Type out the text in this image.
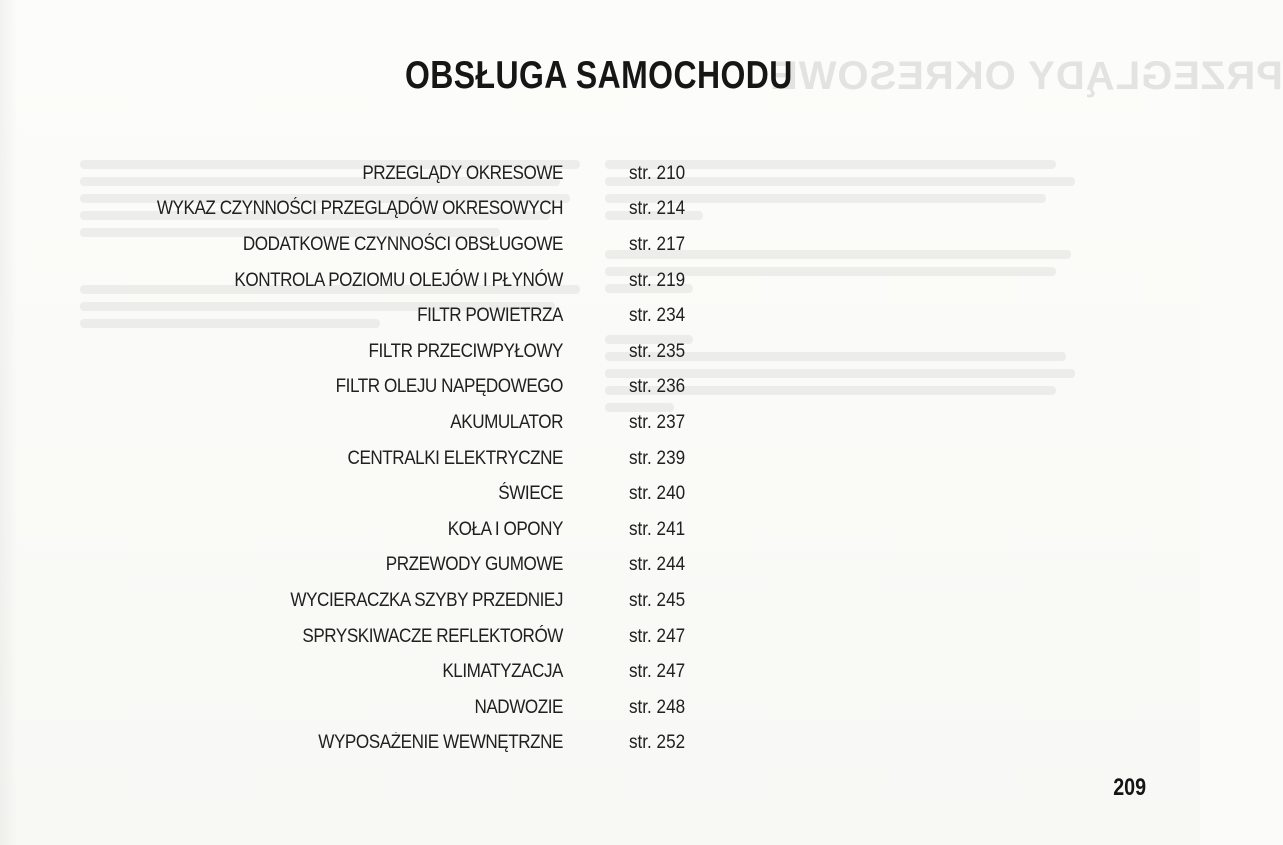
PRZEGLĄDY OKRESOWE
OBSŁUGA SAMOCHODU
PRZEGLĄDY OKRESOWE	str. 210
WYKAZ CZYNNOŚCI PRZEGLĄDÓW OKRESOWYCH	str. 214
DODATKOWE CZYNNOŚCI OBSŁUGOWE	str. 217
KONTROLA POZIOMU OLEJÓW I PŁYNÓW	str. 219
FILTR POWIETRZA	str. 234
FILTR PRZECIWPYŁOWY	str. 235
FILTR OLEJU NAPĘDOWEGO	str. 236
AKUMULATOR	str. 237
CENTRALKI ELEKTRYCZNE	str. 239
ŚWIECE	str. 240
KOŁA I OPONY	str. 241
PRZEWODY GUMOWE	str. 244
WYCIERACZKA SZYBY PRZEDNIEJ	str. 245
SPRYSKIWACZE REFLEKTORÓW	str. 247
KLIMATYZACJA	str. 247
NADWOZIE	str. 248
WYPOSAŻENIE WEWNĘTRZNE	str. 252
209
